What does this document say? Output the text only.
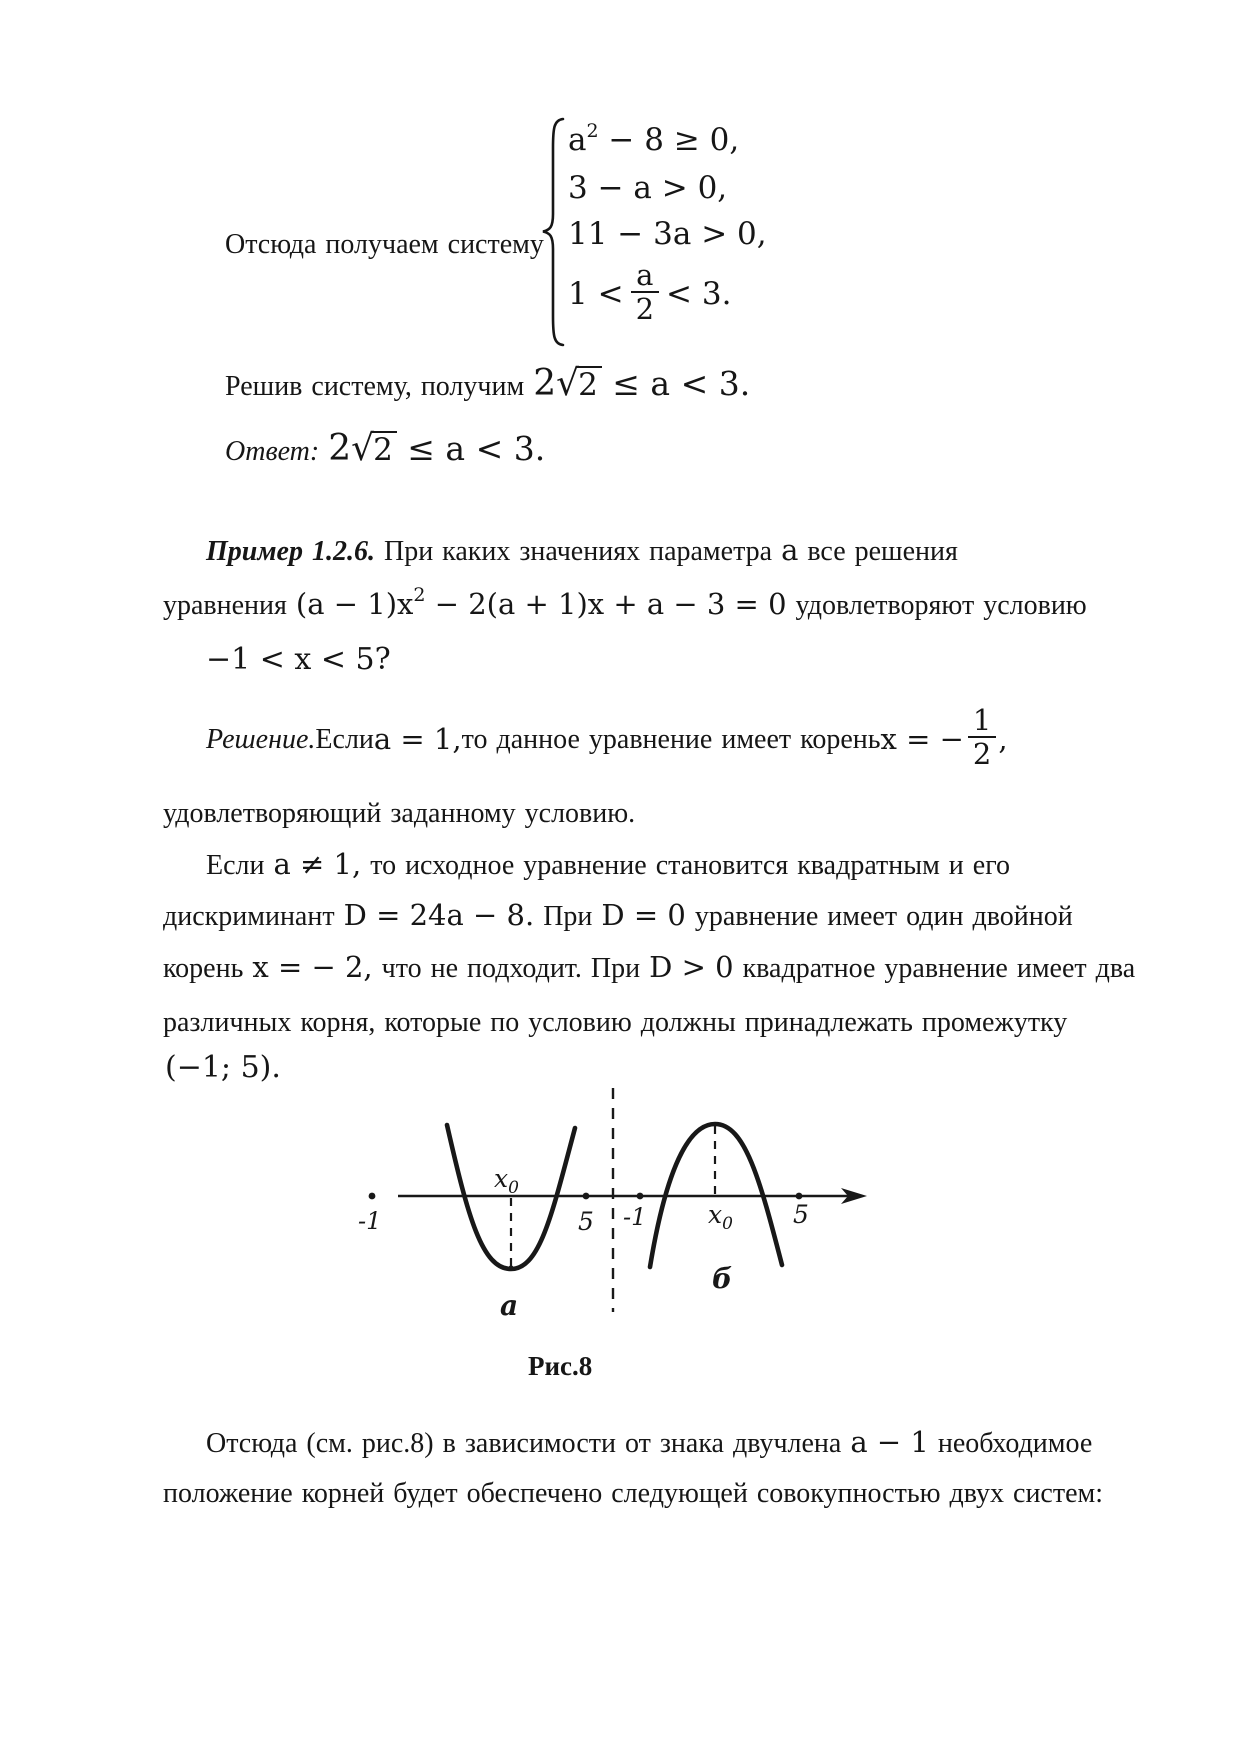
Отсюда получаем систему
$a^2 - 8 \ge 0$,
3 − a > 0,
11 − 3a > 0,
$1 < \frac{a}{2} < 3$.
Решив систему, получим 2√2 ≤ a < 3.
Ответ: 2√2 ≤ a < 3.
Пример 1.2.6. При каких значениях параметра a все решения
уравнения $(a - 1)x^2 - 2(a + 1)x + a - 3 = 0$ удовлетворяют условию
−1 < x < 5?
Решение. Если a = 1, то данное уравнение имеет корень x = − $\frac{1}{2}$ ,
удовлетворяющий заданному условию.
Если a ≠ 1, то исходное уравнение становится квадратным и его
дискриминант D = 24a − 8. При D = 0 уравнение имеет один двойной
корень x = − 2, что не подходит. При D > 0 квадратное уравнение имеет два
различных корня, которые по условию должны принадлежать промежутку
(−1; 5).
-1
$x_0$
5
а
-1 $x_0$ 5
б
Рис.8
Отсюда (см. рис.8) в зависимости от знака двучлена a − 1 необходимое
положение корней будет обеспечено следующей совокупностью двух систем:
